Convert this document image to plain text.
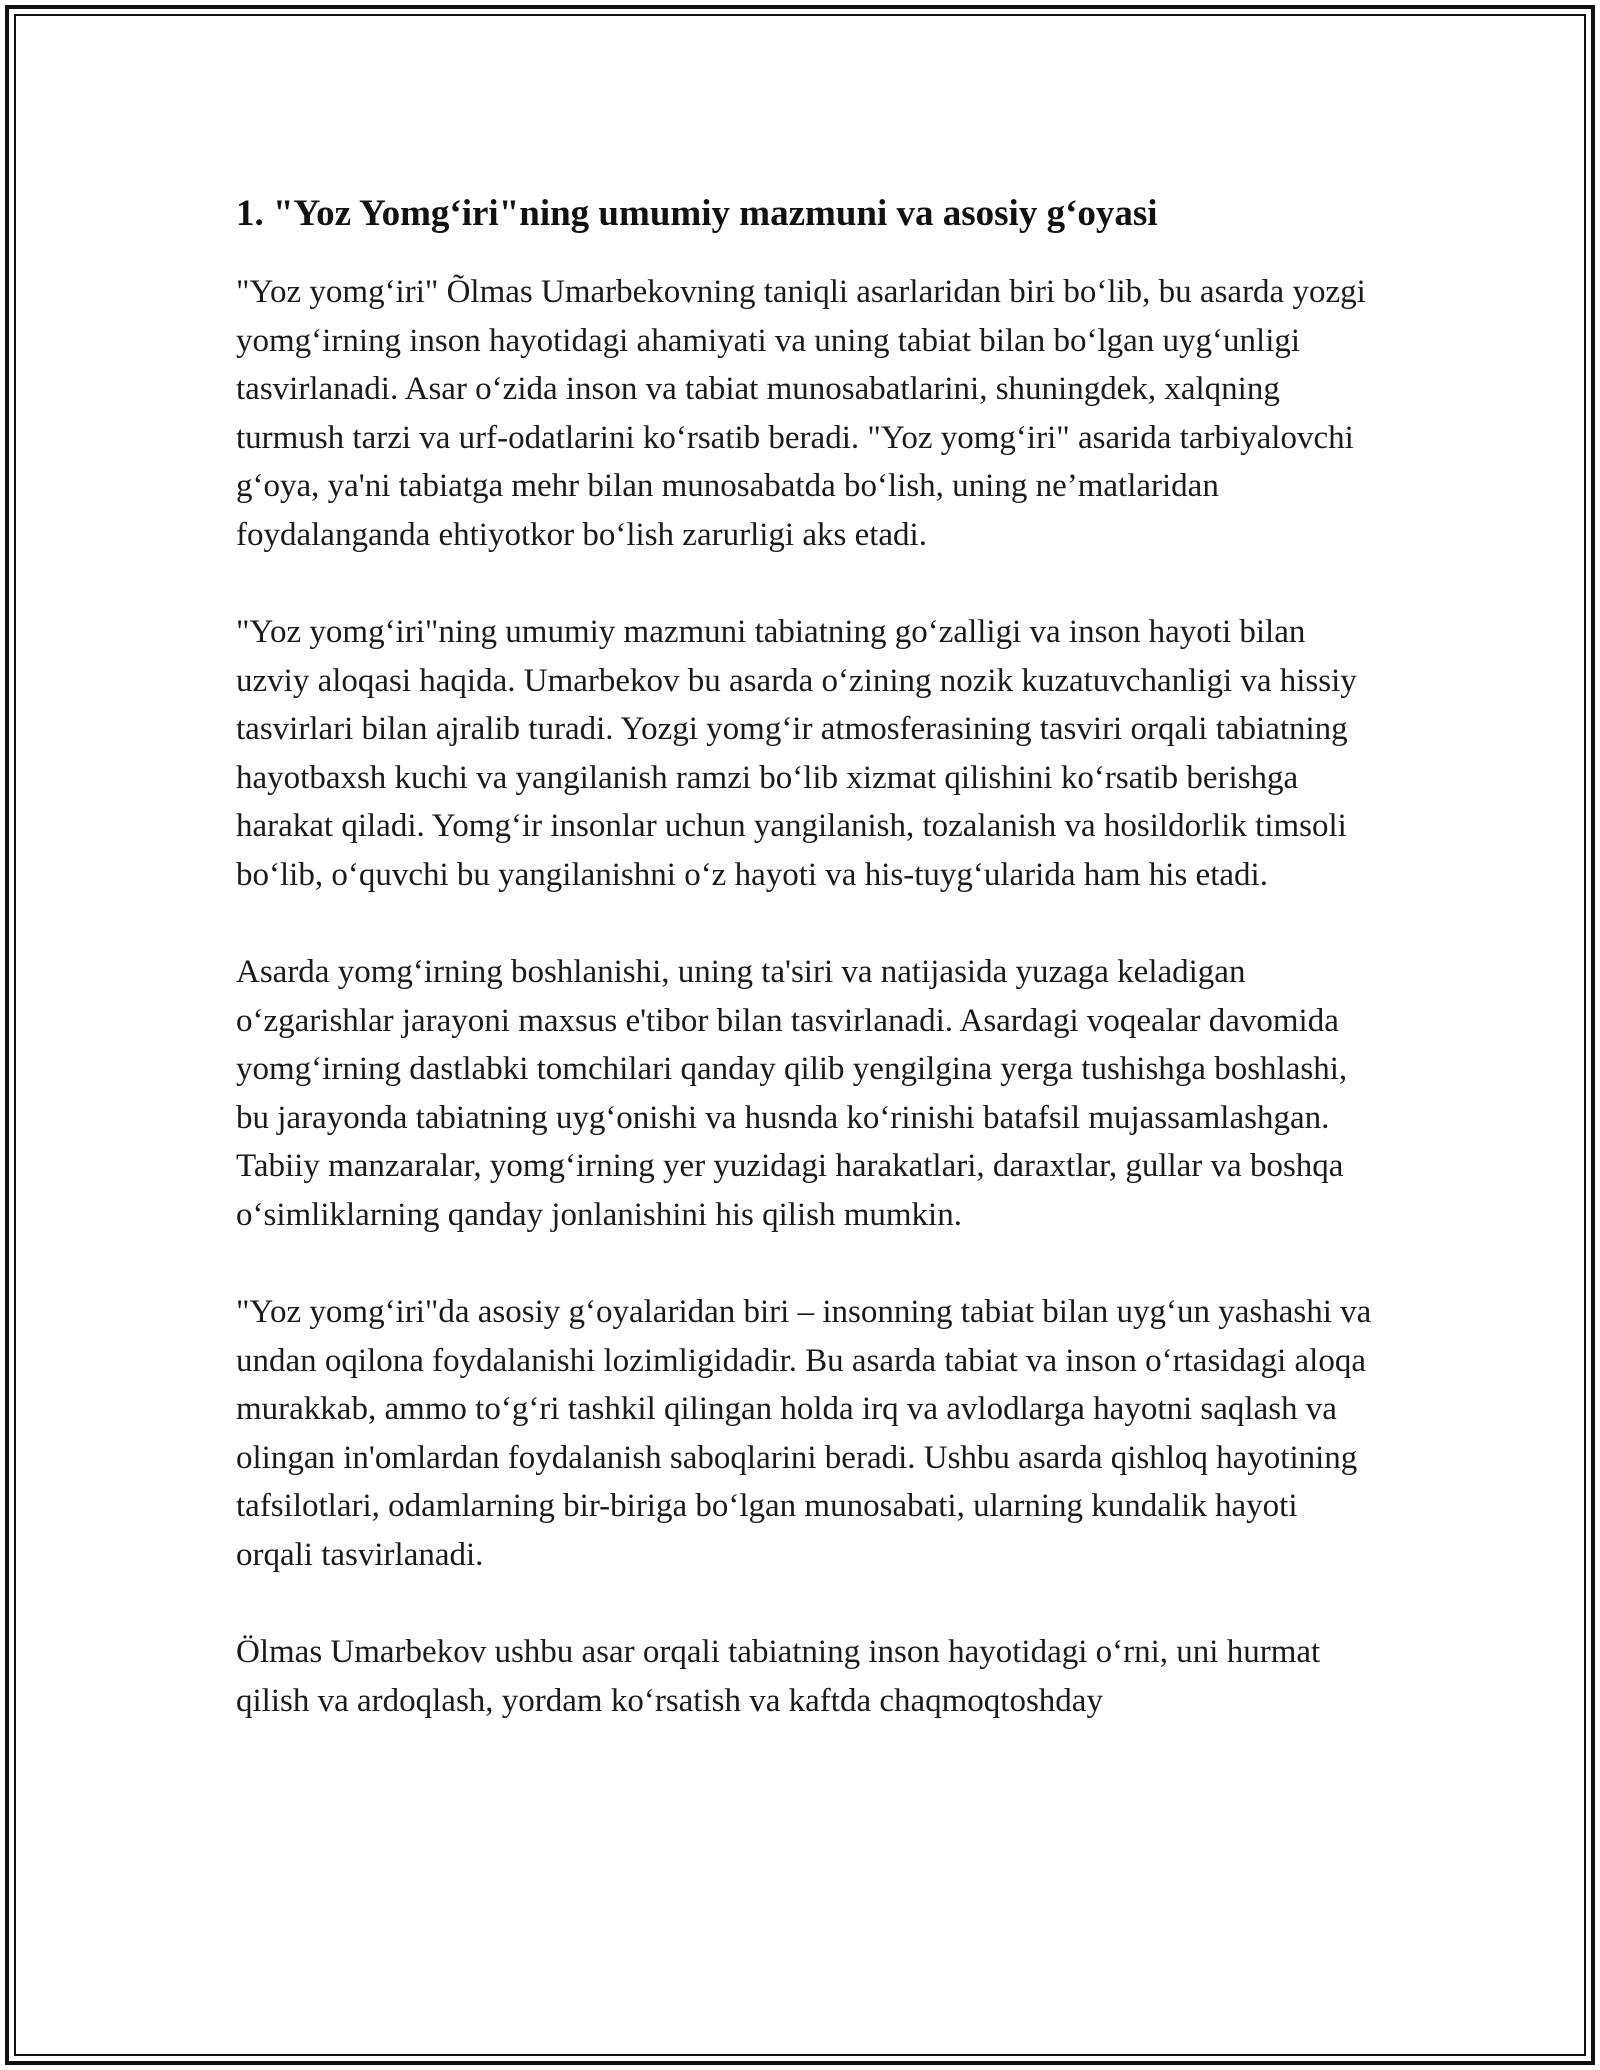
1. "Yoz Yomg‘iri"ning umumiy mazmuni va asosiy g‘oyasi

"Yoz yomg‘iri" Õlmas Umarbekovning taniqli asarlaridan biri bo‘lib, bu asarda yozgi yomg‘irning inson hayotidagi ahamiyati va uning tabiat bilan bo‘lgan uyg‘unligi tasvirlanadi. Asar o‘zida inson va tabiat munosabatlarini, shuningdek, xalqning turmush tarzi va urf-odatlarini ko‘rsatib beradi. "Yoz yomg‘iri" asarida tarbiyalovchi g‘oya, ya'ni tabiatga mehr bilan munosabatda bo‘lish, uning ne’matlaridan foydalanganda ehtiyotkor bo‘lish zarurligi aks etadi.

"Yoz yomg‘iri"ning umumiy mazmuni tabiatning go‘zalligi va inson hayoti bilan uzviy aloqasi haqida. Umarbekov bu asarda o‘zining nozik kuzatuvchanligi va hissiy tasvirlari bilan ajralib turadi. Yozgi yomg‘ir atmosferasining tasviri orqali tabiatning hayotbaxsh kuchi va yangilanish ramzi bo‘lib xizmat qilishini ko‘rsatib berishga harakat qiladi. Yomg‘ir insonlar uchun yangilanish, tozalanish va hosildorlik timsoli bo‘lib, o‘quvchi bu yangilanishni o‘z hayoti va his-tuyg‘ularida ham his etadi.

Asarda yomg‘irning boshlanishi, uning ta'siri va natijasida yuzaga keladigan o‘zgarishlar jarayoni maxsus e'tibor bilan tasvirlanadi. Asardagi voqealar davomida yomg‘irning dastlabki tomchilari qanday qilib yengilgina yerga tushishga boshlashi, bu jarayonda tabiatning uyg‘onishi va husnda ko‘rinishi batafsil mujassamlashgan. Tabiiy manzaralar, yomg‘irning yer yuzidagi harakatlari, daraxtlar, gullar va boshqa o‘simliklarning qanday jonlanishini his qilish mumkin.

"Yoz yomg‘iri"da asosiy g‘oyalaridan biri – insonning tabiat bilan uyg‘un yashashi va undan oqilona foydalanishi lozimligidadir. Bu asarda tabiat va inson o‘rtasidagi aloqa murakkab, ammo to‘g‘ri tashkil qilingan holda irq va avlodlarga hayotni saqlash va olingan in'omlardan foydalanish saboqlarini beradi. Ushbu asarda qishloq hayotining tafsilotlari, odamlarning bir-biriga bo‘lgan munosabati, ularning kundalik hayoti orqali tasvirlanadi.

Ölmas Umarbekov ushbu asar orqali tabiatning inson hayotidagi o‘rni, uni hurmat qilish va ardoqlash, yordam ko‘rsatish va kaftda chaqmoqtoshday
